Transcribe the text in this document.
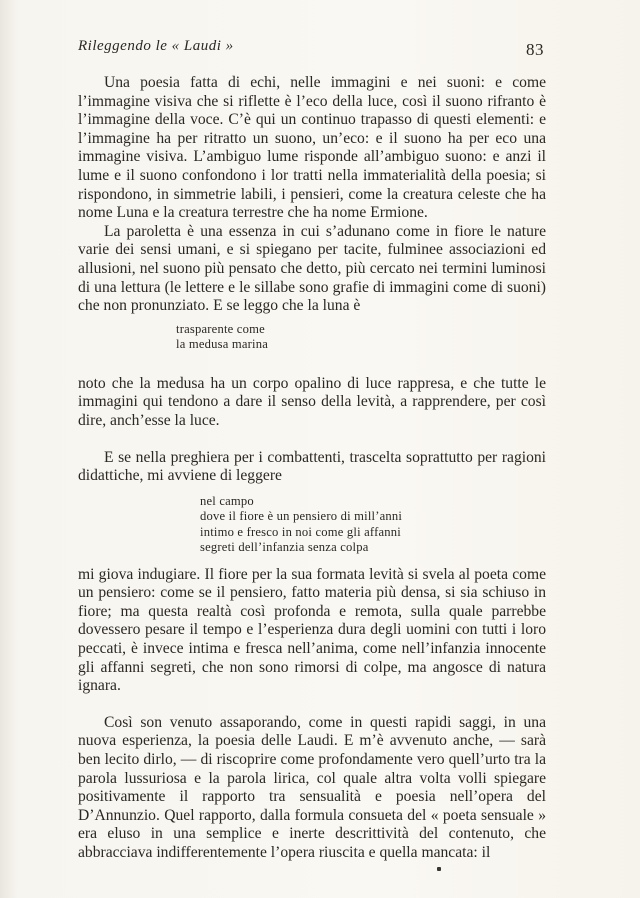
Rileggendo le « Laudi »	83

Una poesia fatta di echi, nelle immagini e nei suoni: e come l’immagine visiva che si riflette è l’eco della luce, così il suono rifranto è l’immagine della voce. C’è qui un continuo trapasso di questi elementi: e l’immagine ha per ritratto un suono, un’eco: e il suono ha per eco una immagine visiva. L’ambiguo lume risponde all’ambiguo suono: e anzi il lume e il suono confondono i lor tratti nella immaterialità della poesia; si rispondono, in simmetrie labili, i pensieri, come la creatura celeste che ha nome Luna e la creatura terrestre che ha nome Ermione.

La paroletta è una essenza in cui s’adunano come in fiore le nature varie dei sensi umani, e si spiegano per tacite, fulminee associazioni ed allusioni, nel suono più pensato che detto, più cercato nei termini luminosi di una lettura (le lettere e le sillabe sono grafie di immagini come di suoni) che non pronunziato. E se leggo che la luna è

trasparente come
la medusa marina

noto che la medusa ha un corpo opalino di luce rappresa, e che tutte le immagini qui tendono a dare il senso della levità, a rapprendere, per così dire, anch’esse la luce.

E se nella preghiera per i combattenti, trascelta soprattutto per ragioni didattiche, mi avviene di leggere

nel campo
dove il fiore è un pensiero di mill’anni
intimo e fresco in noi come gli affanni
segreti dell’infanzia senza colpa

mi giova indugiare. Il fiore per la sua formata levità si svela al poeta come un pensiero: come se il pensiero, fatto materia più densa, si sia schiuso in fiore; ma questa realtà così profonda e remota, sulla quale parrebbe dovessero pesare il tempo e l’esperienza dura degli uomini con tutti i loro peccati, è invece intima e fresca nell’anima, come nell’infanzia innocente gli affanni segreti, che non sono rimorsi di colpe, ma angosce di natura ignara.

Così son venuto assaporando, come in questi rapidi saggi, in una nuova esperienza, la poesia delle Laudi. E m’è avvenuto anche, — sarà ben lecito dirlo, — di riscoprire come profondamente vero quell’urto tra la parola lussuriosa e la parola lirica, col quale altra volta volli spiegare positivamente il rapporto tra sensualità e poesia nell’opera del D’Annunzio. Quel rapporto, dalla formula consueta del « poeta sensuale » era eluso in una semplice e inerte descrittività del contenuto, che abbracciava indifferentemente l’opera riuscita e quella mancata: il
